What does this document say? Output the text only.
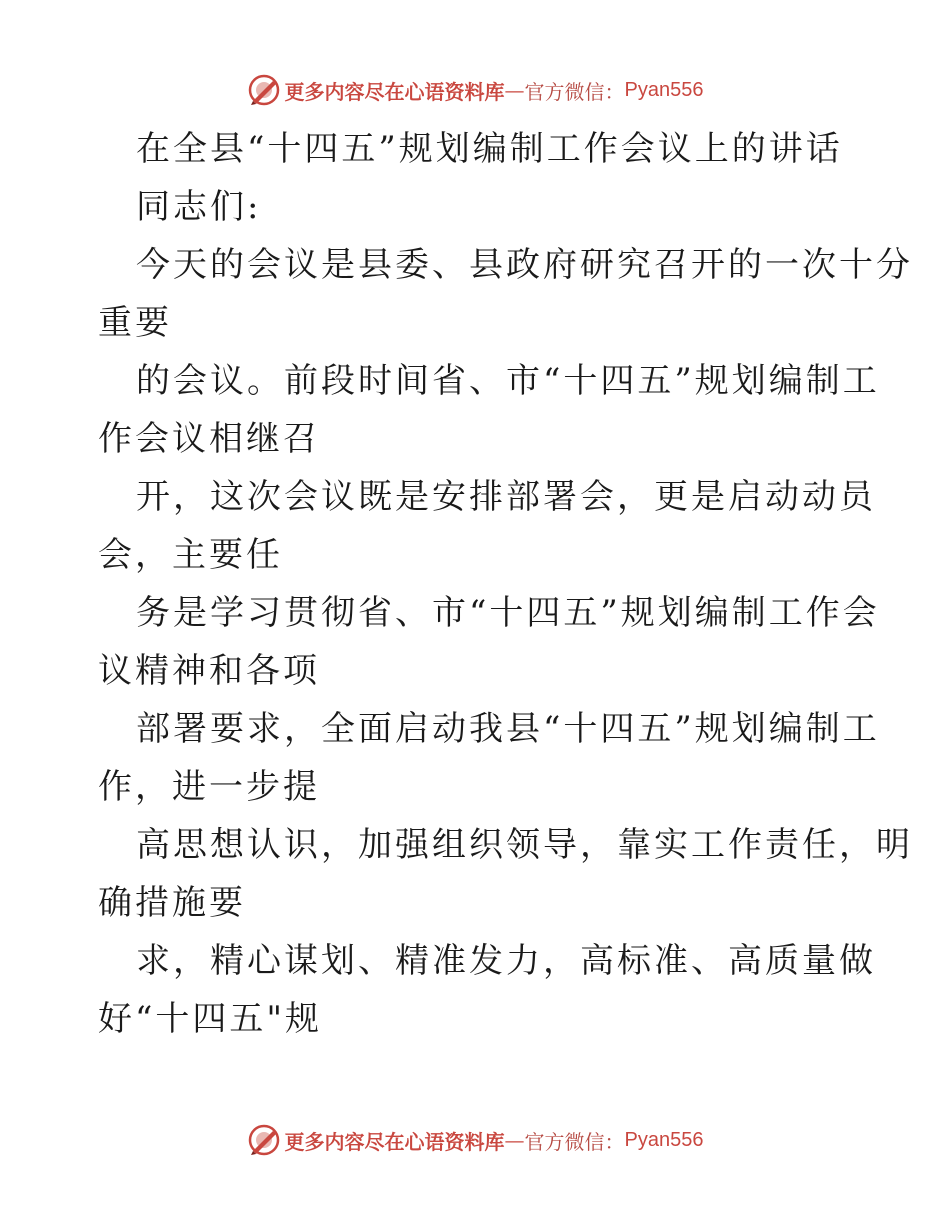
更多内容尽在心语资料库 — 官方微信： Pyan556
在全县“十四五”规划编制工作会议上的讲话
同志们:
今天的会议是县委、县政府研究召开的一次十分
重要
的会议。前段时间省、市“十四五”规划编制工
作会议相继召
开，这次会议既是安排部署会，更是启动动员
会，主要任
务是学习贯彻省、市“十四五”规划编制工作会
议精神和各项
部署要求，全面启动我县“十四五”规划编制工
作，进一步提
高思想认识，加强组织领导，靠实工作责任，明
确措施要
求，精心谋划、精准发力，高标准、高质量做
好“十四五"规
更多内容尽在心语资料库 — 官方微信： Pyan556
